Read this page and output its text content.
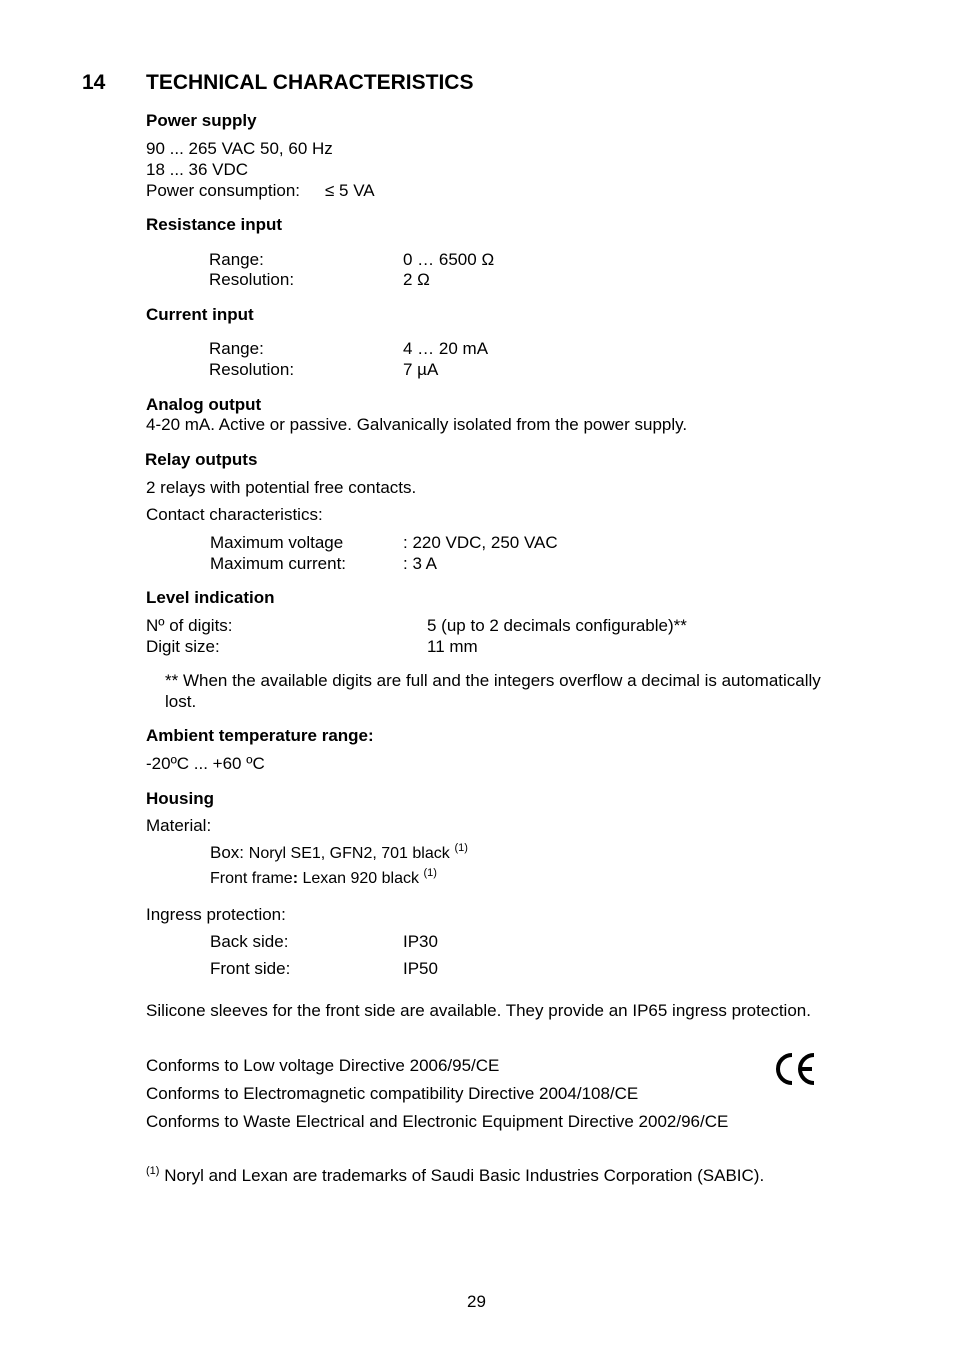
14 TECHNICAL CHARACTERISTICS
Power supply
90 ... 265 VAC 50, 60 Hz
18 ... 36 VDC
Power consumption: ≤ 5 VA
Resistance input
Range:	0 … 6500 Ω
Resolution:	2 Ω
Current input
Range:	4 … 20 mA
Resolution:	7 µA
Analog output
4-20 mA. Active or passive. Galvanically isolated from the power supply.
Relay outputs
2 relays with potential free contacts.
Contact characteristics:
Maximum voltage	: 220 VDC, 250 VAC
Maximum current:	: 3 A
Level indication
Nº of digits:	5 (up to 2 decimals configurable)**
Digit size:	11 mm
** When the available digits are full and the integers overflow a decimal is automatically
lost.
Ambient temperature range:
-20ºC ... +60 ºC
Housing
Material:
Box: Noryl SE1, GFN2, 701 black $^{(1)}$
Front frame: Lexan 920 black $^{(1)}$
Ingress protection:
Back side:	IP30
Front side:	IP50
Silicone sleeves for the front side are available. They provide an IP65 ingress protection.
Conforms to Low voltage Directive 2006/95/CE
Conforms to Electromagnetic compatibility Directive 2004/108/CE
Conforms to Waste Electrical and Electronic Equipment Directive 2002/96/CE
$^{(1)}$ Noryl and Lexan are trademarks of Saudi Basic Industries Corporation (SABIC).
29
